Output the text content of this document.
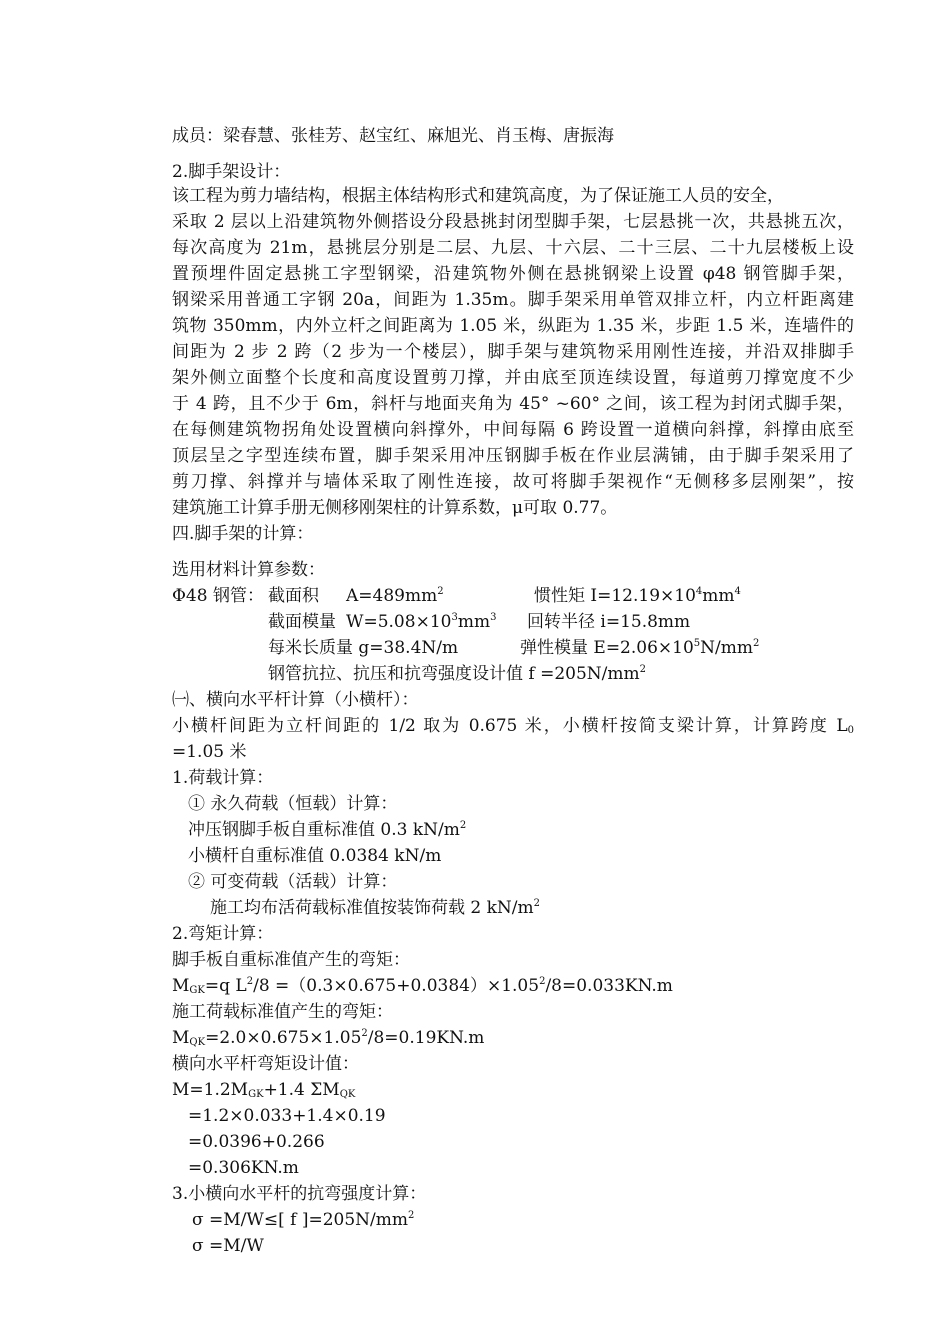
成员：梁春慧、张桂芳、赵宝红、麻旭光、肖玉梅、唐振海
2.脚手架设计：
该工程为剪力墙结构，根据主体结构形式和建筑高度，为了保证施工人员的安全，
采取 2 层以上沿建筑物外侧搭设分段悬挑封闭型脚手架，七层悬挑一次，共悬挑五次，
每次高度为 21m，悬挑层分别是二层、九层、十六层、二十三层、二十九层楼板上设
置预埋件固定悬挑工字型钢梁，沿建筑物外侧在悬挑钢梁上设置 φ48 钢管脚手架，
钢梁采用普通工字钢 20a，间距为 1.35m。脚手架采用单管双排立杆，内立杆距离建
筑物 350mm，内外立杆之间距离为 1.05 米，纵距为 1.35 米，步距 1.5 米，连墙件的
间距为 2 步 2 跨（2 步为一个楼层），脚手架与建筑物采用刚性连接，并沿双排脚手
架外侧立面整个长度和高度设置剪刀撑，并由底至顶连续设置，每道剪刀撑宽度不少
于 4 跨，且不少于 6m，斜杆与地面夹角为 45° ~60° 之间，该工程为封闭式脚手架，
在每侧建筑物拐角处设置横向斜撑外，中间每隔 6 跨设置一道横向斜撑，斜撑由底至
顶层呈之字型连续布置，脚手架采用冲压钢脚手板在作业层满铺，由于脚手架采用了
剪刀撑、斜撑并与墙体采取了刚性连接，故可将脚手架视作“无侧移多层刚架”，按
建筑施工计算手册无侧移刚架柱的计算系数，μ可取 0.77。
四.脚手架的计算：
选用材料计算参数：
Φ48 钢管： 截面积 $A=489mm^2$	惯性矩 $I=12.19\times 10^4mm^4$
截面模量 $W=5.08\times 10^3mm^3$ 回转半径 i=15.8mm
每米长质量 g=38.4N/m	弹性模量 $E=2.06\times 10^5N/mm^2$
钢管抗拉、抗压和抗弯强度设计值 $f =205N/mm^2$
㈠、横向水平杆计算（小横杆）：
小横杆间距为立杆间距的 1/2 取为 0.675 米，小横杆按简支梁计算，计算跨度 $L_0$
=1.05 米
1.荷载计算：
① 永久荷载（恒载）计算：
冲压钢脚手板自重标准值 0.3 $kN/m^2$
小横杆自重标准值 0.0384 kN/m
② 可变荷载（活载）计算：
施工均布活荷载标准值按装饰荷载 2 $kN/m^2$
2.弯矩计算：
脚手板自重标准值产生的弯矩：
$M_{GK}=q$ $L^2/8 =(0.3\times 0.675+0.0384)\times 1.05^2/8=0.033KN.m$
施工荷载标准值产生的弯矩：
$M_{QK}=2.0\times 0.675\times 1.05^2/8=0.19KN.m$
横向水平杆弯矩设计值：
$M=1.2M_{GK}+1.4$ $\Sigma M_{QK}$
=1.2×0.033+1.4×0.19
=0.0396+0.266
=0.306KN.m
3.小横向水平杆的抗弯强度计算：
σ =M/W≤[ f ]$=205N/mm^2$
σ =M/W
